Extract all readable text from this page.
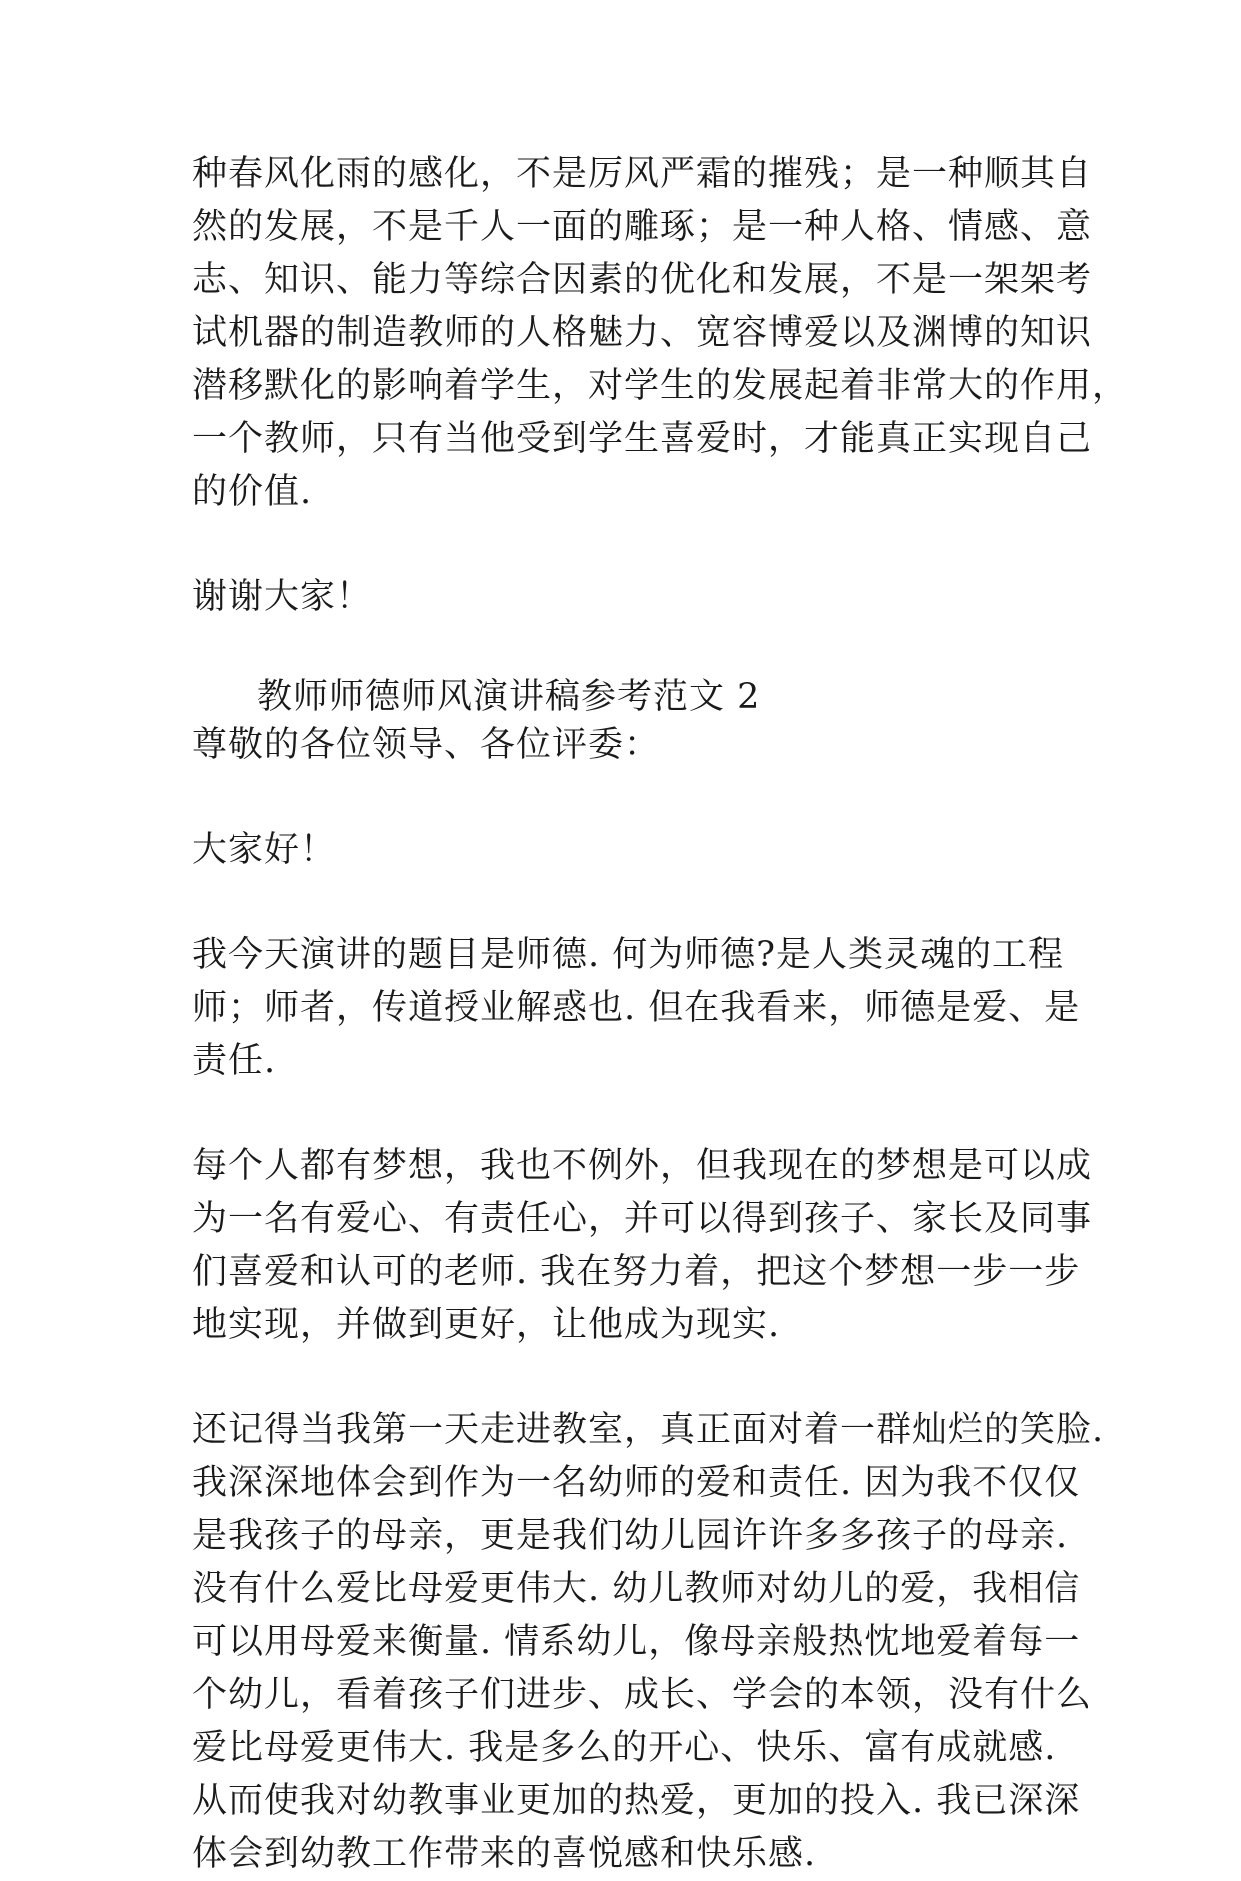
种春风化雨的感化，不是厉风严霜的摧残；是一种顺其自
然的发展，不是千人一面的雕琢；是一种人格、情感、意
志、知识、能力等综合因素的优化和发展，不是一架架考
试机器的制造教师的人格魅力、宽容博爱以及渊博的知识
潜移默化的影响着学生，对学生的发展起着非常大的作用，
一个教师，只有当他受到学生喜爱时，才能真正实现自己
的价值.
谢谢大家！
教师师德师风演讲稿参考范文 2
尊敬的各位领导、各位评委：
大家好！
我今天演讲的题目是师德. 何为师德?是人类灵魂的工程
师；师者，传道授业解惑也. 但在我看来，师德是爱、是
责任.
每个人都有梦想，我也不例外，但我现在的梦想是可以成
为一名有爱心、有责任心，并可以得到孩子、家长及同事
们喜爱和认可的老师. 我在努力着，把这个梦想一步一步
地实现，并做到更好，让他成为现实.
还记得当我第一天走进教室，真正面对着一群灿烂的笑脸.
我深深地体会到作为一名幼师的爱和责任. 因为我不仅仅
是我孩子的母亲，更是我们幼儿园许许多多孩子的母亲.
没有什么爱比母爱更伟大. 幼儿教师对幼儿的爱，我相信
可以用母爱来衡量. 情系幼儿，像母亲般热忱地爱着每一
个幼儿，看着孩子们进步、成长、学会的本领，没有什么
爱比母爱更伟大. 我是多么的开心、快乐、富有成就感.
从而使我对幼教事业更加的热爱，更加的投入. 我已深深
体会到幼教工作带来的喜悦感和快乐感.
